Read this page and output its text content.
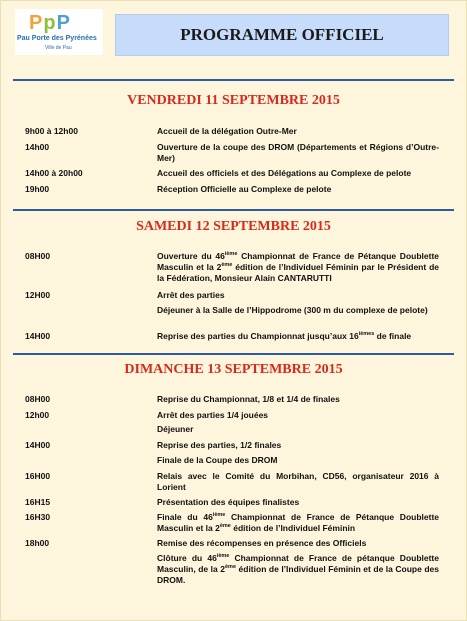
PpP
Pau Porte des Pyrénées
Ville de Pau
PROGRAMME OFFICIEL
VENDREDI 11 SEPTEMBRE 2015
9h00 à 12h00	Accueil de la délégation Outre-Mer
14h00	Ouverture de la coupe des DROM (Départements et Régions d’Outre-Mer)
14h00 à 20h00	Accueil des officiels et des Délégations au Complexe de pelote
19h00	Réception Officielle au Complexe de pelote
SAMEDI 12 SEPTEMBRE 2015
08H00	Ouverture du 46ième Championnat de France de Pétanque Doublette Masculin et la 2ème édition de l’Individuel Féminin par le Président de la Fédération, Monsieur Alain CANTARUTTI
12H00	Arrêt des parties
Déjeuner à la Salle de l’Hippodrome (300 m du complexe de pelote)
14H00	Reprise des parties du Championnat jusqu’aux $16^{ièmes}$ de finale
DIMANCHE 13 SEPTEMBRE 2015
08H00	Reprise du Championnat, 1/8 et 1/4 de finales
12h00	Arrêt des parties 1/4 jouées
Déjeuner
14H00	Reprise des parties, 1/2 finales
Finale de la Coupe des DROM
16H00	Relais avec le Comité du Morbihan, CD56, organisateur 2016 à Lorient
16H15	Présentation des équipes finalistes
16H30	Finale du 46ième Championnat de France de Pétanque Doublette Masculin et la 2ème édition de l’Individuel Féminin
18h00	Remise des récompenses en présence des Officiels
Clôture du 46ième Championnat de France de pétanque Doublette Masculin, de la 2ème édition de l’Individuel Féminin et de la Coupe des DROM.
